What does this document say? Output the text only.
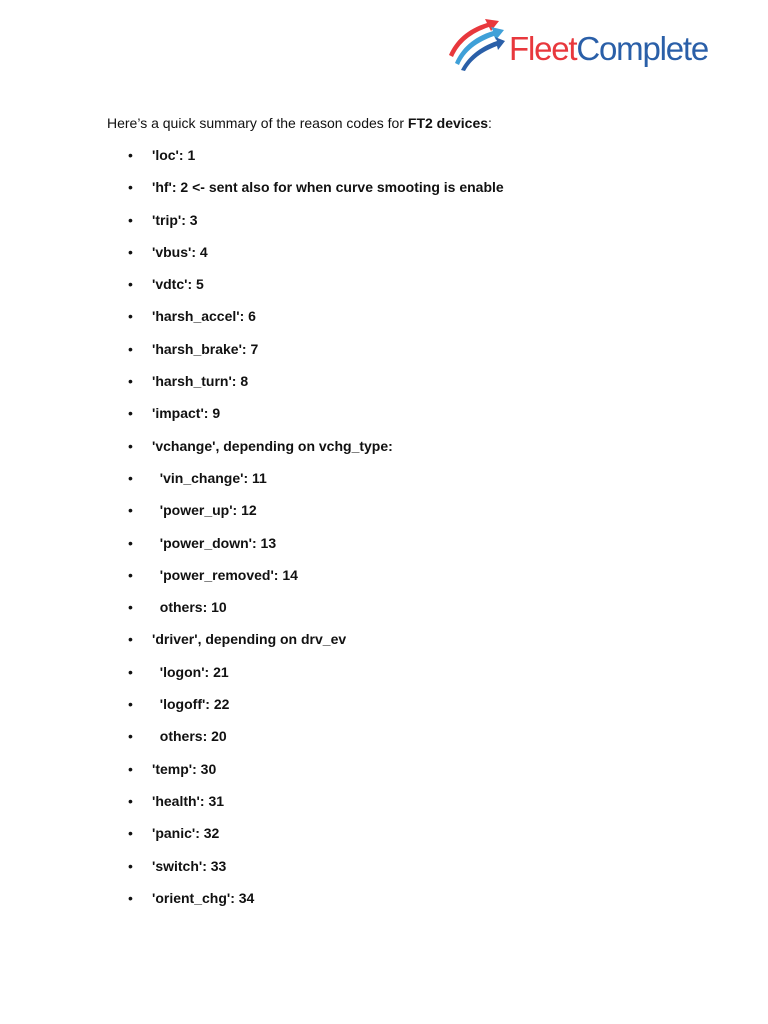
FleetComplete
Here’s a quick summary of the reason codes for FT2 devices:
• 'loc': 1
• 'hf': 2 <- sent also for when curve smooting is enable
• 'trip': 3
• 'vbus': 4
• 'vdtc': 5
• 'harsh_accel': 6
• 'harsh_brake': 7
• 'harsh_turn': 8
• 'impact': 9
• 'vchange', depending on vchg_type:
• 'vin_change': 11
• 'power_up': 12
• 'power_down': 13
• 'power_removed': 14
• others: 10
• 'driver', depending on drv_ev
• 'logon': 21
• 'logoff': 22
• others: 20
• 'temp': 30
• 'health': 31
• 'panic': 32
• 'switch': 33
• 'orient_chg': 34
